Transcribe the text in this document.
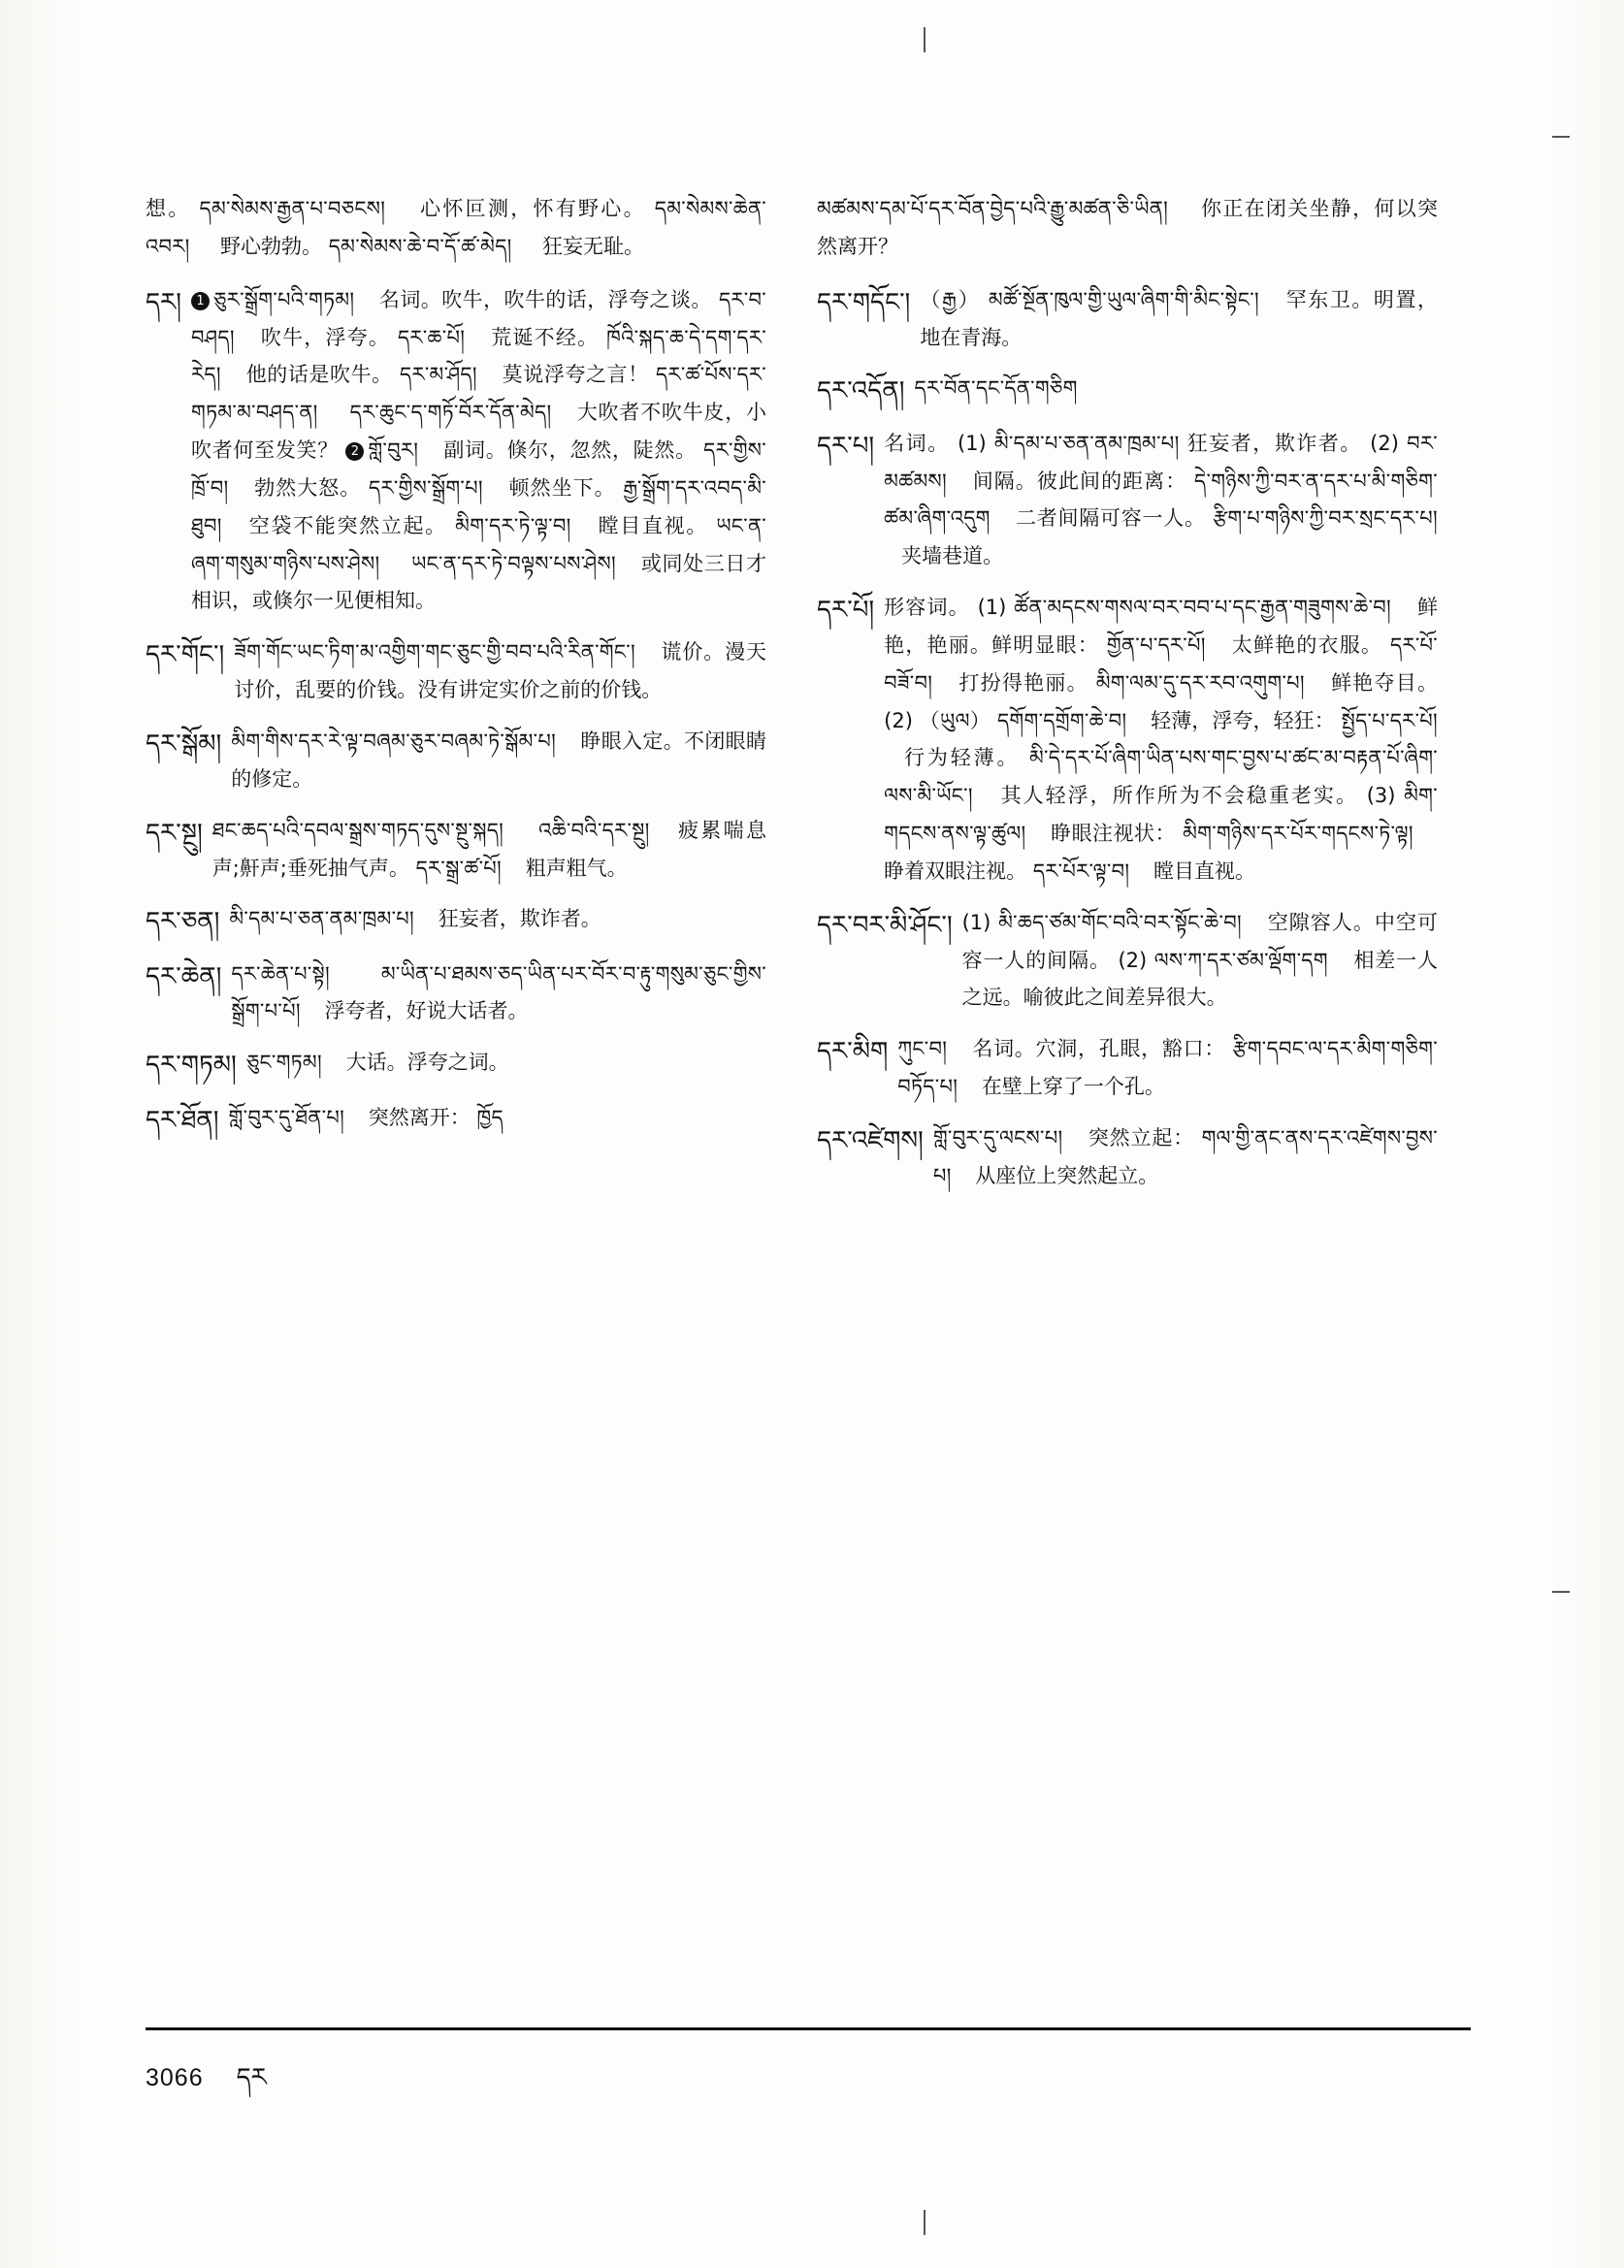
想。 དམ་སེམས་རྒྱན་པ་བཅངས། 心怀叵测，怀有野心。 དམ་སེམས་ཆེན་འབར། 野心勃勃。 དམ་སེམས་ཆེ་བ་དོ་ཚ་མེད། 狂妄无耻。
དར།	1 ཅུར་སྒྲོག་པའི་གཏམ། 名词。吹牛，吹牛的话，浮夸之谈。 དར་བ་བཤད། 吹牛，浮夸。 དར་ཆ་པོ། 荒诞不经。 ཁོའི་སྐད་ཆ་དེ་དག་དར་རེད། 他的话是吹牛。 དར་མ་ཤོད། 莫说浮夸之言！ དར་ཚ་པོས་དར་གཏམ་མ་བཤད་ན། དར་ཆུང་ད་གཏོ་བོར་དོན་མེད། 大吹者不吹牛皮，小吹者何至发笑？ 2 གློ་བུར། 副词。倏尔，忽然，陡然。 དར་གྱིས་ཁྲོ་བ། 勃然大怒。 དར་གྱིས་སྒྲོག་པ། 顿然坐下。 རྒྱ་སྒྲོག་དར་འབད་མི་ཐུབ། 空袋不能突然立起。 མིག་དར་ཏེ་ལྟ་བ། 瞠目直视。 ཡང་ན་ཞག་གསུམ་གཉིས་པས་ཤེས། ཡང་ན་དར་ཏེ་བལྟས་པས་ཤེས། 或同处三日才相识，或倏尔一见便相知。
དར་གོང་། ཟོག་གོང་ཡང་ཏིག་མ་འགྱིག་གང་ཅུང་གྱི་བབ་པའི་རིན་གོང་། 谎价。漫天讨价，乱要的价钱。没有讲定实价之前的价钱。
དར་སྒོམ། མིག་གིས་དར་རེ་ལྟ་བཞམ་ཅུར་བཞམ་ཏེ་སྒོམ་པ། 睁眼入定。不闭眼睛的修定。
དར་སྔུ། ཐང་ཆད་པའི་དབལ་སྒྲས་གཏད་དུས་སྔུ་སྐད། འཆི་བའི་དར་སྔུ། 疲累喘息声;鼾声;垂死抽气声。 དར་སྒྲ་ཚ་པོ། 粗声粗气。
དར་ཅན། མི་དམ་པ་ཅན་ནམ་ཁྲམ་པ། 狂妄者，欺诈者。
དར་ཆེན། དར་ཆེན་པ་སྟེ།	མ་ཡིན་པ་ཐམས་ཅད་ཡིན་པར་བོར་བ་རྟུ་གསུམ་ཅུང་གྱིས་སྒྲོག་པ་པོ། 浮夸者，好说大话者。
དར་གཏམ། ཅུང་གཏམ། 大话。浮夸之词。
དར་ཐོན། གློ་བུར་དུ་ཐོན་པ། 突然离开： ཁྱོད
མཚམས་དམ་པོ་དར་བོན་བྱེད་པའི་རྒྱུ་མཚན་ཅི་ཡིན། 你正在闭关坐静，何以突然离开？
དར་གདོང་། （རྒྱ） མཚོ་སྔོན་ཁུལ་གྱི་ཡུལ་ཞིག་གི་མིང་སྟེང་། 罕东卫。明置，地在青海。
དར་འདོན། དར་བོན་དང་དོན་གཅིག
དར་པ། 名词。 (1) མི་དམ་པ་ཅན་ནམ་ཁྲམ་པ། 狂妄者，欺诈者。 (2) བར་མཚམས། 间隔。彼此间的距离： དེ་གཉིས་ཀྱི་བར་ན་དར་པ་མི་གཅིག་ཚམ་ཞིག་འདུག 二者间隔可容一人。 རྩིག་པ་གཉིས་ཀྱི་བར་སྲང་དར་པ། 夹墙巷道。
དར་པོ། 形容词。 (1) ཚོན་མདངས་གསལ་བར་བབ་པ་དང་རྒྱན་གཟུགས་ཆེ་བ། 鲜艳，艳丽。鲜明显眼： གྱོན་པ་དར་པོ། 太鲜艳的衣服。 དར་པོ་བཟོ་བ། 打扮得艳丽。 མིག་ལམ་དུ་དར་རབ་འགུག་པ། 鲜艳夺目。 (2) （ཡུལ） དགོག་དགྲོག་ཆེ་བ། 轻薄，浮夸，轻狂： སྤྱོད་པ་དར་པོ། 行为轻薄。 མི་དེ་དར་པོ་ཞིག་ཡིན་པས་གང་བྱས་པ་ཚང་མ་བརྟན་པོ་ཞིག་ལས་མི་ཡོང་། 其人轻浮，所作所为不会稳重老实。 (3) མིག་གདངས་ནས་ལྟ་ཚུལ། 睁眼注视状： མིག་གཉིས་དར་པོར་གདངས་ཏེ་ལྟ། 睁着双眼注视。 དར་པོར་ལྟ་བ། 瞠目直视。
དར་བར་མི་ཤོང་། (1) མི་ཆད་ཙམ་གོང་བའི་བར་སྟོང་ཆེ་བ། 空隙容人。中空可容一人的间隔。 (2) ལས་ཀ་དར་ཙམ་ལྡོག་དག 相差一人之远。喻彼此之间差异很大。
དར་མིག ཀུང་བ། 名词。穴洞，孔眼，豁口： རྩིག་དབང་ལ་དར་མིག་གཅིག་བཏོད་པ། 在壁上穿了一个孔。
དར་འཛེགས། གློ་བུར་དུ་ལངས་པ། 突然立起： གལ་གྱི་ནང་ནས་དར་འཛེགས་བྱས་པ། 从座位上突然起立。
3066 དར
